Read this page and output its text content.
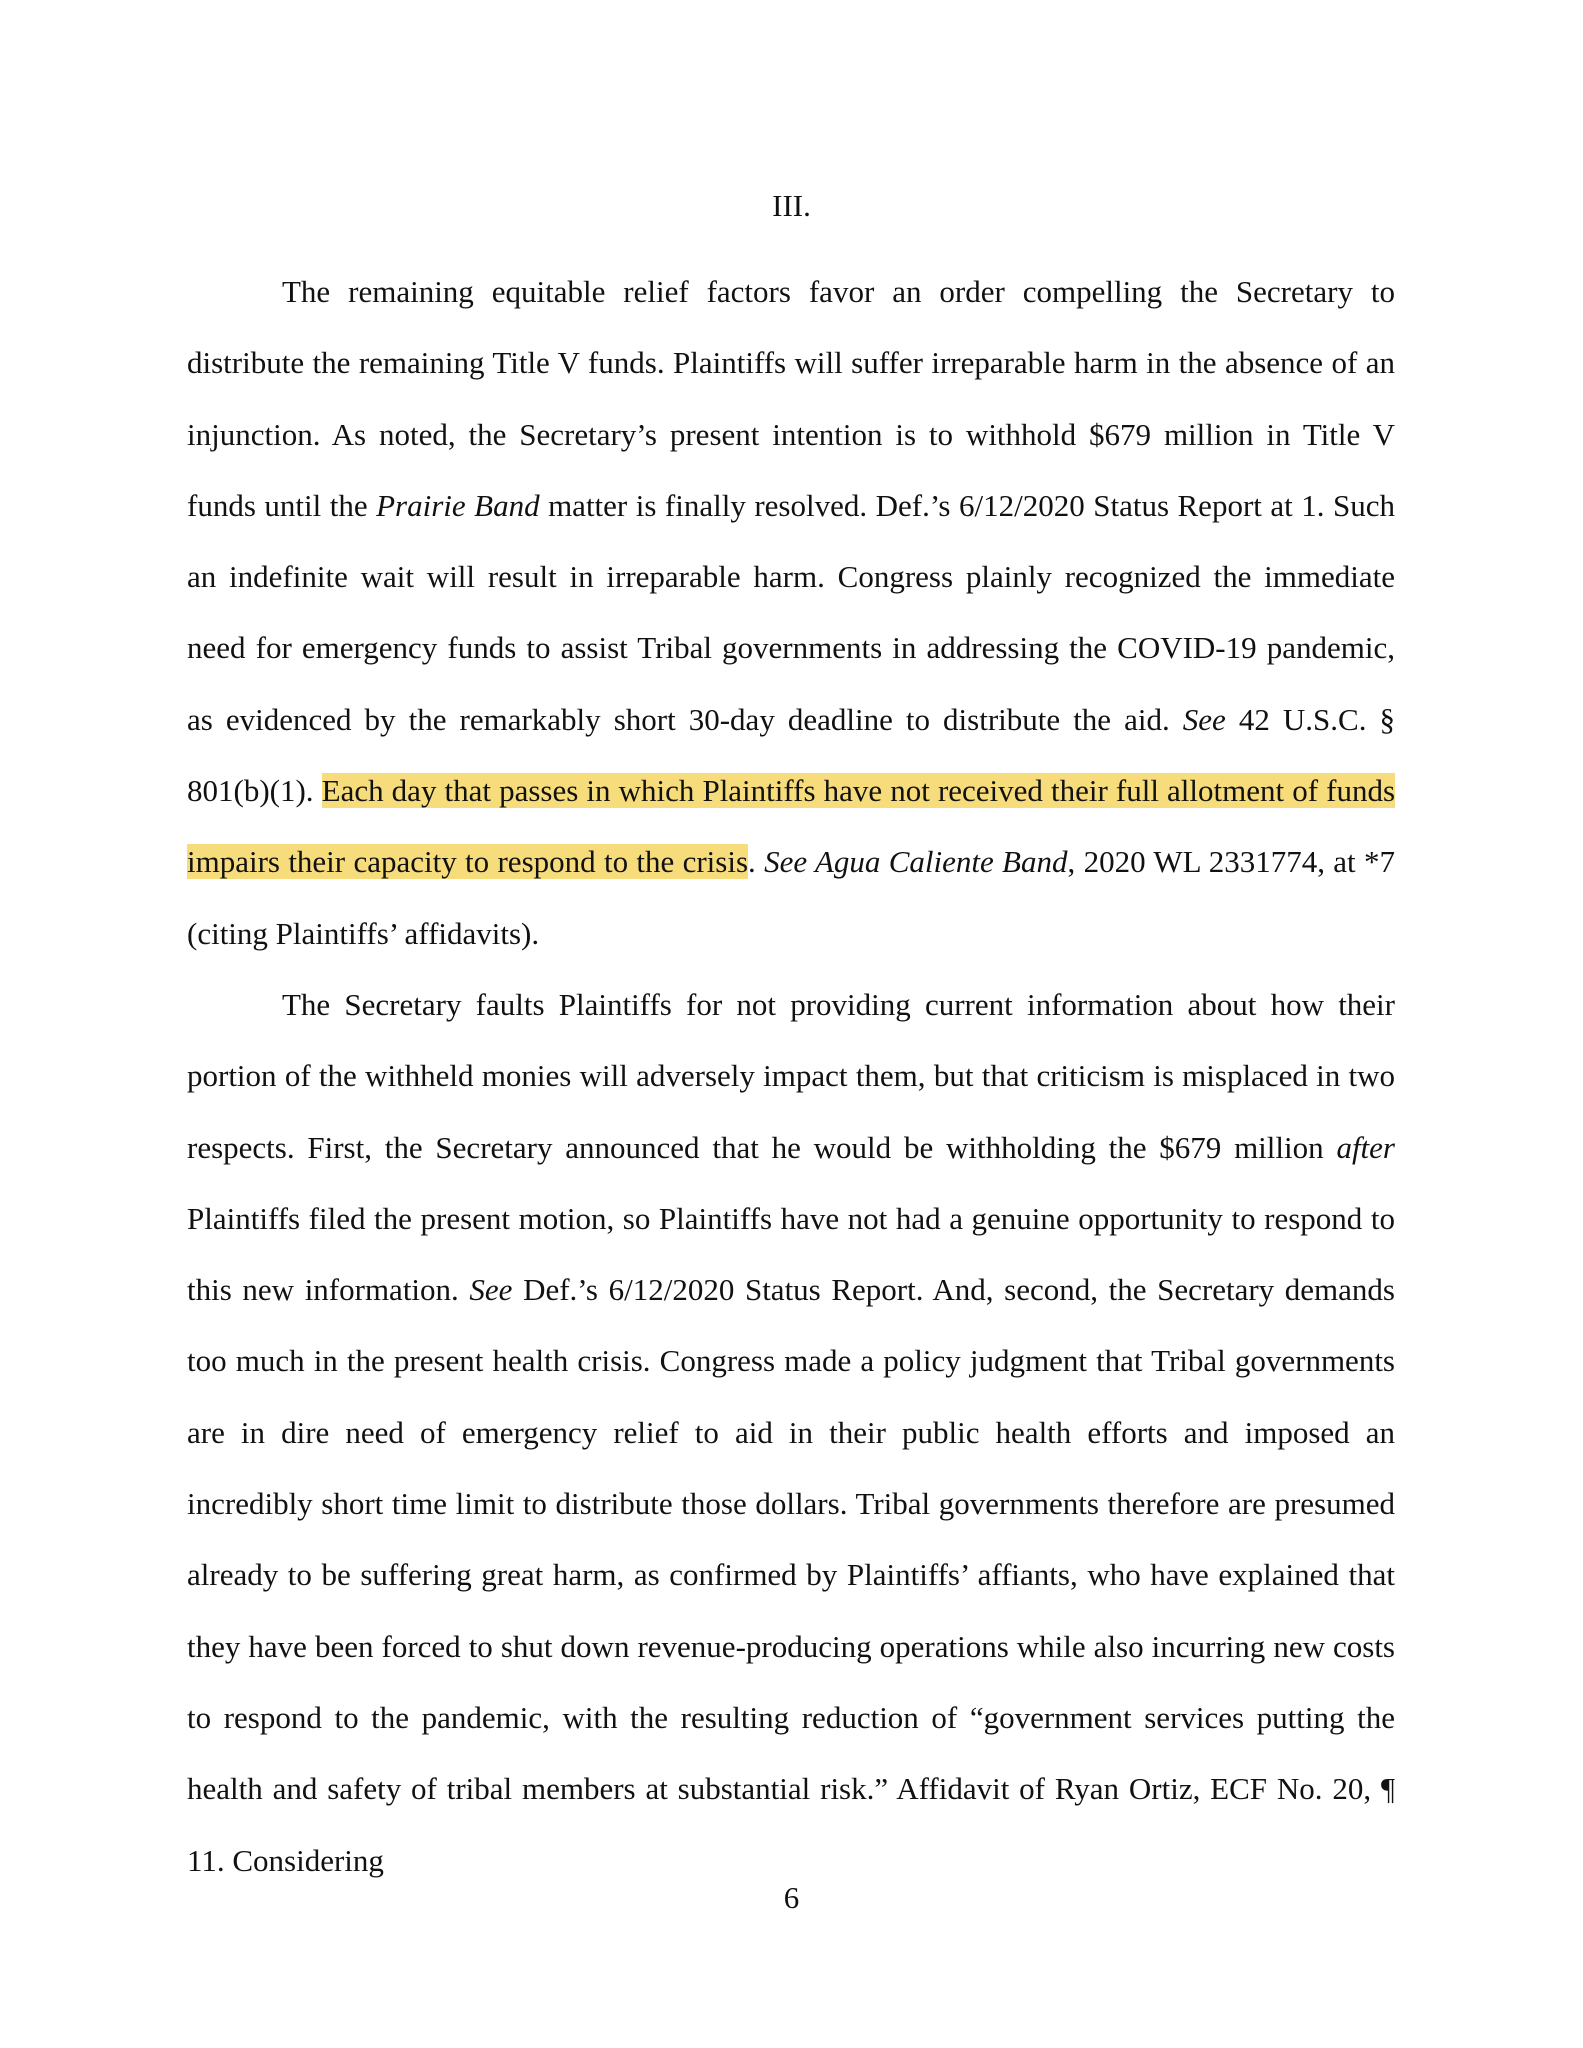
III.

The remaining equitable relief factors favor an order compelling the Secretary to distribute the remaining Title V funds. Plaintiffs will suffer irreparable harm in the absence of an injunction. As noted, the Secretary’s present intention is to withhold $679 million in Title V funds until the Prairie Band matter is finally resolved. Def.’s 6/12/2020 Status Report at 1. Such an indefinite wait will result in irreparable harm. Congress plainly recognized the immediate need for emergency funds to assist Tribal governments in addressing the COVID-19 pandemic, as evidenced by the remarkably short 30-day deadline to distribute the aid. See 42 U.S.C. § 801(b)(1). Each day that passes in which Plaintiffs have not received their full allotment of funds impairs their capacity to respond to the crisis. See Agua Caliente Band, 2020 WL 2331774, at *7 (citing Plaintiffs’ affidavits).

The Secretary faults Plaintiffs for not providing current information about how their portion of the withheld monies will adversely impact them, but that criticism is misplaced in two respects. First, the Secretary announced that he would be withholding the $679 million after Plaintiffs filed the present motion, so Plaintiffs have not had a genuine opportunity to respond to this new information. See Def.’s 6/12/2020 Status Report. And, second, the Secretary demands too much in the present health crisis. Congress made a policy judgment that Tribal governments are in dire need of emergency relief to aid in their public health efforts and imposed an incredibly short time limit to distribute those dollars. Tribal governments therefore are presumed already to be suffering great harm, as confirmed by Plaintiffs’ affiants, who have explained that they have been forced to shut down revenue-producing operations while also incurring new costs to respond to the pandemic, with the resulting reduction of “government services putting the health and safety of tribal members at substantial risk.” Affidavit of Ryan Ortiz, ECF No. 20, ¶ 11. Considering

6
